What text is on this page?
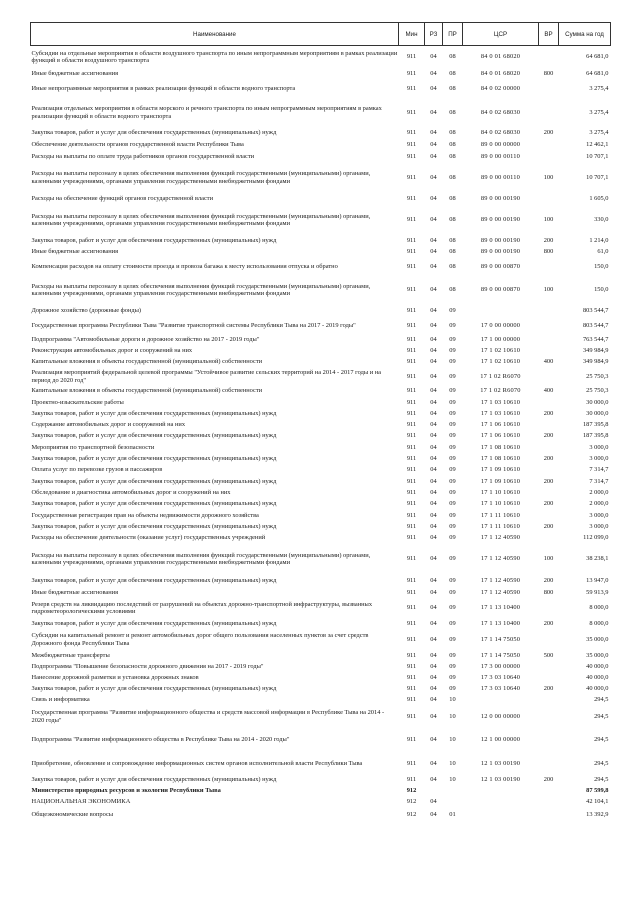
Наименование	Мин	РЗ	ПР	ЦСР	ВР	Сумма на год
Субсидии на отдельные мероприятия в области воздушного транспорта по иным непрограммным мероприятиям в рамках реализации функций в области воздушного транспорта	911	04	08	84 0 01 68020		64 681,0
Иные бюджетные ассигнования	911	04	08	84 0 01 68020	800	64 681,0
Иные непрограммные мероприятия в рамках реализации функций в области водного транспорта	911	04	08	84 0 02 00000		3 275,4
Реализация отдельных мероприятия в области морского и речного транспорта по иным непрограммным мероприятиям в рамках реализации функций в области водного транспорта	911	04	08	84 0 02 68030		3 275,4
Закупка товаров, работ и услуг для обеспечения государственных (муниципальных) нужд	911	04	08	84 0 02 68030	200	3 275,4
Обеспечение деятельности органов государственной власти Республики Тыва	911	04	08	89 0 00 00000		12 462,1
Расходы на выплаты по оплате труда работников органов государственной власти	911	04	08	89 0 00 00110		10 707,1
Расходы на выплаты персоналу в целях обеспечения выполнения функций государственными (муниципальными) органами, казенными учреждениями, органами управления государственными внебюджетными фондами	911	04	08	89 0 00 00110	100	10 707,1
Расходы на обеспечение функций органов государственной власти	911	04	08	89 0 00 00190		1 605,0
Расходы на выплаты персоналу в целях обеспечения выполнения функций государственными (муниципальными) органами, казенными учреждениями, органами управления государственными внебюджетными фондами	911	04	08	89 0 00 00190	100	330,0
Закупка товаров, работ и услуг для обеспечения государственных (муниципальных) нужд	911	04	08	89 0 00 00190	200	1 214,0
Иные бюджетные ассигнования	911	04	08	89 0 00 00190	800	61,0
Компенсация расходов на оплату стоимости проезда и провоза багажа к месту использования отпуска и обратно	911	04	08	89 0 00 00870		150,0
Расходы на выплаты персоналу в целях обеспечения выполнения функций государственными (муниципальными) органами, казенными учреждениями, органами управления государственными внебюджетными фондами	911	04	08	89 0 00 00870	100	150,0
Дорожное хозяйство (дорожные фонды)	911	04	09			803 544,7
Государственная программа Республики Тыва "Развитие транспортной системы Республики Тыва на 2017 - 2019 годы"	911	04	09	17 0 00 00000		803 544,7
Подпрограмма "Автомобильные дороги и дорожное хозяйство на 2017 - 2019 годы"	911	04	09	17 1 00 00000		763 544,7
Реконструкция автомобильных дорог и сооружений на них	911	04	09	17 1 02 10610		349 984,9
Капитальные вложения в объекты государственной (муниципальной) собственности	911	04	09	17 1 02 10610	400	349 984,9
Реализация мероприятий федеральной целевой программы "Устойчивое развитие сельских территорий на 2014 - 2017 годы и на период до 2020 год"	911	04	09	17 1 02 R6070		25 750,3
Капитальные вложения в объекты государственной (муниципальной) собственности	911	04	09	17 1 02 R6070	400	25 750,3
Проектно-изыскательские работы	911	04	09	17 1 03 10610		30 000,0
Закупка товаров, работ и услуг для обеспечения государственных (муниципальных) нужд	911	04	09	17 1 03 10610	200	30 000,0
Содержание автомобильных дорог и сооружений на них	911	04	09	17 1 06 10610		187 395,8
Закупка товаров, работ и услуг для обеспечения государственных (муниципальных) нужд	911	04	09	17 1 06 10610	200	187 395,8
Мероприятия по транспортной безопасности	911	04	09	17 1 08 10610		3 000,0
Закупка товаров, работ и услуг для обеспечения государственных (муниципальных) нужд	911	04	09	17 1 08 10610	200	3 000,0
Оплата услуг по перевозке грузов и пассажиров	911	04	09	17 1 09 10610		7 314,7
Закупка товаров, работ и услуг для обеспечения государственных (муниципальных) нужд	911	04	09	17 1 09 10610	200	7 314,7
Обследование и диагностика автомобильных дорог и сооружений на них	911	04	09	17 1 10 10610		2 000,0
Закупка товаров, работ и услуг для обеспечения государственных (муниципальных) нужд	911	04	09	17 1 10 10610	200	2 000,0
Государственная регистрация прав на объекты недвижимости дорожного хозяйства	911	04	09	17 1 11 10610		3 000,0
Закупка товаров, работ и услуг для обеспечения государственных (муниципальных) нужд	911	04	09	17 1 11 10610	200	3 000,0
Расходы на обеспечение деятельности (оказание услуг) государственных учреждений	911	04	09	17 1 12 40590		112 099,0
Расходы на выплаты персоналу в целях обеспечения выполнения функций государственными (муниципальными) органами, казенными учреждениями, органами управления государственными внебюджетными фондами	911	04	09	17 1 12 40590	100	38 238,1
Закупка товаров, работ и услуг для обеспечения государственных (муниципальных) нужд	911	04	09	17 1 12 40590	200	13 947,0
Иные бюджетные ассигнования	911	04	09	17 1 12 40590	800	59 913,9
Резерв средств на ликвидацию последствий от разрушений на объектах дорожно-транспортной инфраструктуры, вызванных гидрометеорологическими условиями	911	04	09	17 1 13 10400		8 000,0
Закупка товаров, работ и услуг для обеспечения государственных (муниципальных) нужд	911	04	09	17 1 13 10400	200	8 000,0
Субсидии на капитальный ремонт и ремонт автомобильных дорог общего пользования населенных пунктов за счет средств Дорожного фонда Республики Тыва	911	04	09	17 1 14 75050		35 000,0
Межбюджетные трансферты	911	04	09	17 1 14 75050	500	35 000,0
Подпрограмма "Повышение безопасности дорожного движения на 2017 - 2019 годы"	911	04	09	17 3 00 00000		40 000,0
Нанесение дорожной разметки и установка дорожных знаков	911	04	09	17 3 03 10640		40 000,0
Закупка товаров, работ и услуг для обеспечения государственных (муниципальных) нужд	911	04	09	17 3 03 10640	200	40 000,0
Связь и информатика	911	04	10			294,5
Государственная программа "Развитие информационного общества и средств массовой информации в Республике Тыва на 2014 - 2020 годы"	911	04	10	12 0 00 00000		294,5
Подпрограмма "Развитие информационного общества в Республике Тыва на 2014 - 2020 годы"	911	04	10	12 1 00 00000		294,5
Приобретение, обновление и сопровождение информационных систем органов исполнительной власти Республики Тыва	911	04	10	12 1 03 00190		294,5
Закупка товаров, работ и услуг для обеспечения государственных (муниципальных) нужд	911	04	10	12 1 03 00190	200	294,5
Министерство природных ресурсов и экологии Республики Тыва	912					87 599,8
НАЦИОНАЛЬНАЯ ЭКОНОМИКА	912	04				42 104,1
Общеэкономические вопросы	912	04	01			13 392,9
